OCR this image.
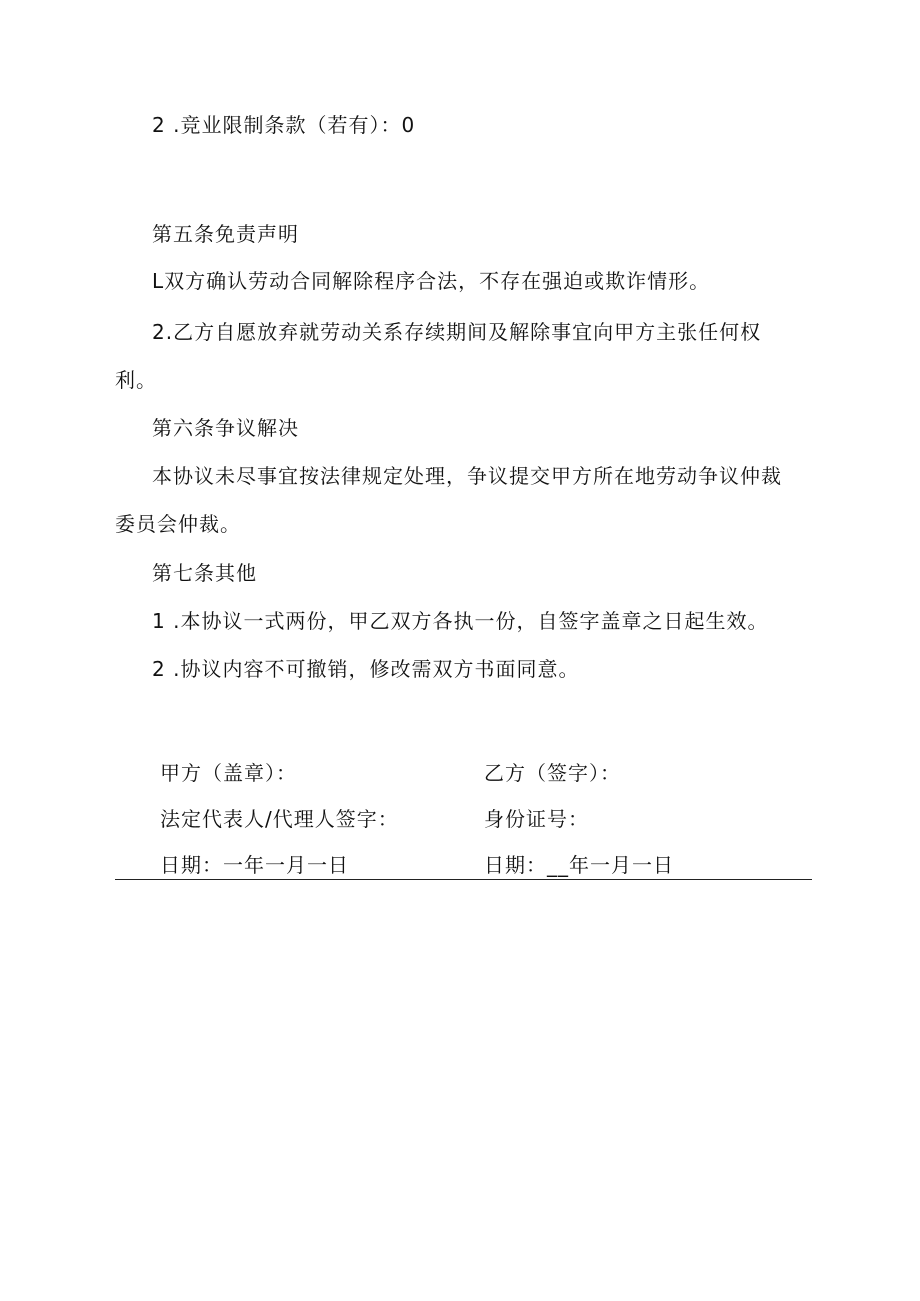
2 .竞业限制条款（若有）：0
第五条免责声明
L双方确认劳动合同解除程序合法，不存在强迫或欺诈情形。
2.乙方自愿放弃就劳动关系存续期间及解除事宜向甲方主张任何权
利。
第六条争议解决
本协议未尽事宜按法律规定处理，争议提交甲方所在地劳动争议仲裁
委员会仲裁。
第七条其他
1 .本协议一式两份，甲乙双方各执一份，自签字盖章之日起生效。
2 .协议内容不可撤销，修改需双方书面同意。
甲方（盖章）：	乙方（签字）：
法定代表人/代理人签字：	身份证号：
日期：一年一月一日	日期：__年一月一日
